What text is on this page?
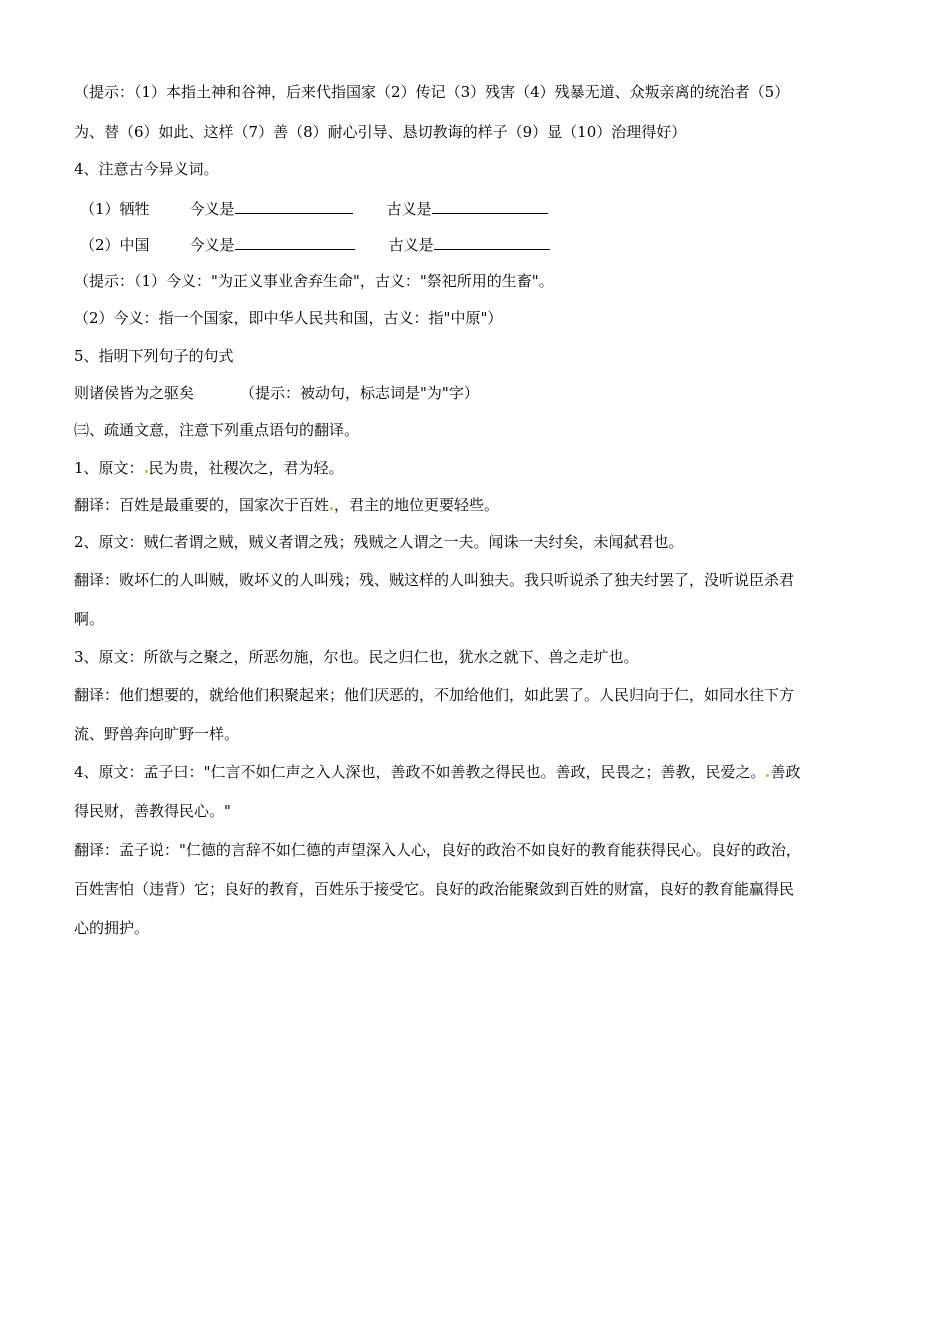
（提示：（1）本指土神和谷神，后来代指国家（2）传记（3）残害（4）残暴无道、众叛亲离的统治者（5）
为、替（6）如此、这样（7）善（8）耐心引导、恳切教诲的样子（9）显（10）治理得好）
4、注意古今异义词。
（1）牺牲	今义是	古义是
（2）中国	今义是	古义是
（提示：（1）今义："为正义事业舍弃生命"，古义："祭祀所用的生畜"。
（2）今义：指一个国家，即中华人民共和国，古义：指"中原"）
5、指明下列句子的句式
则诸侯皆为之驱矣	（提示：被动句，标志词是"为"字）
㈢、疏通文意，注意下列重点语句的翻译。
1、原文： 民为贵，社稷次之，君为轻。
翻译：百姓是最重要的，国家次于百姓 ，君主的地位更要轻些。
2、原文：贼仁者谓之贼，贼义者谓之残；残贼之人谓之一夫。闻诛一夫纣矣，未闻弑君也。
翻译：败坏仁的人叫贼，败坏义的人叫残；残、贼这样的人叫独夫。我只听说杀了独夫纣罢了，没听说臣杀君
啊。
3、原文：所欲与之聚之，所恶勿施，尔也。民之归仁也，犹水之就下、兽之走圹也。
翻译：他们想要的，就给他们积聚起来；他们厌恶的，不加给他们，如此罢了。人民归向于仁，如同水往下方
流、野兽奔向旷野一样。
4、原文：孟子曰："仁言不如仁声之入人深也，善政不如善教之得民也。善政，民畏之；善教，民爱之。 善政
得民财，善教得民心。"
翻译：孟子说："仁德的言辞不如仁德的声望深入人心，良好的政治不如良好的教育能获得民心。良好的政治，
百姓害怕（违背）它；良好的教育，百姓乐于接受它。良好的政治能聚敛到百姓的财富，良好的教育能赢得民
心的拥护。
